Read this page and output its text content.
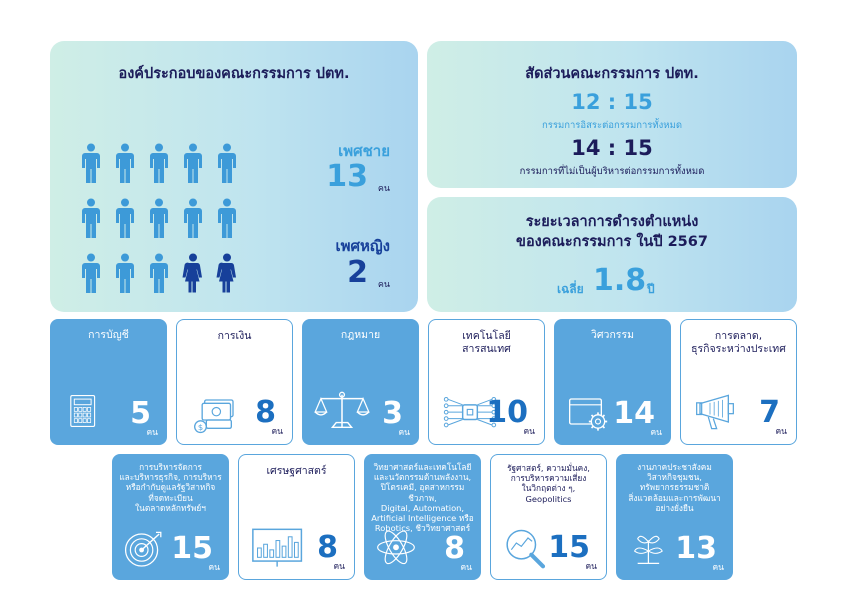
องค์ประกอบของคณะกรรมการ ปตท.
เพศชาย
13 คน
เพศหญิง
2 คน
สัดส่วนคณะกรรมการ ปตท.
12 : 15
กรรมการอิสระต่อกรรมการทั้งหมด
14 : 15
กรรมการที่ไม่เป็นผู้บริหารต่อกรรมการทั้งหมด
ระยะเวลาการดำรงตำแหน่ง
ของคณะกรรมการ ในปี 2567
เฉลี่ย 1.8 ปี
การบัญชี
5
คน
การเงิน
$ 8
คน
กฎหมาย
3
คน
เทคโนโลยี
สารสนเทศ
10
คน
วิศวกรรม
14
คน
การตลาด,
ธุรกิจระหว่างประเทศ
7
คน
การบริหารจัดการ
และบริหารธุรกิจ, การบริหาร
หรือกำกับดูแลรัฐวิสาหกิจ
ที่จดทะเบียน
ในตลาดหลักทรัพย์ฯ
15
คน
เศรษฐศาสตร์
8
คน
วิทยาศาสตร์และเทคโนโลยี
และนวัตกรรมด้านพลังงาน,
ปิโตรเคมี, อุตสาหกรรมชีวภาพ,
Digital, Automation,
Artificial Intelligence หรือ
Robotics, ชีววิทยาศาสตร์
8
คน
รัฐศาสตร์, ความมั่นคง,
การบริหารความเสี่ยง
ในวิกฤตต่าง ๆ,
Geopolitics
15
คน
งานภาคประชาสังคม
วิสาหกิจชุมชน,
ทรัพยากรธรรมชาติ
สิ่งแวดล้อมและการพัฒนา
อย่างยั่งยืน
13
คน
